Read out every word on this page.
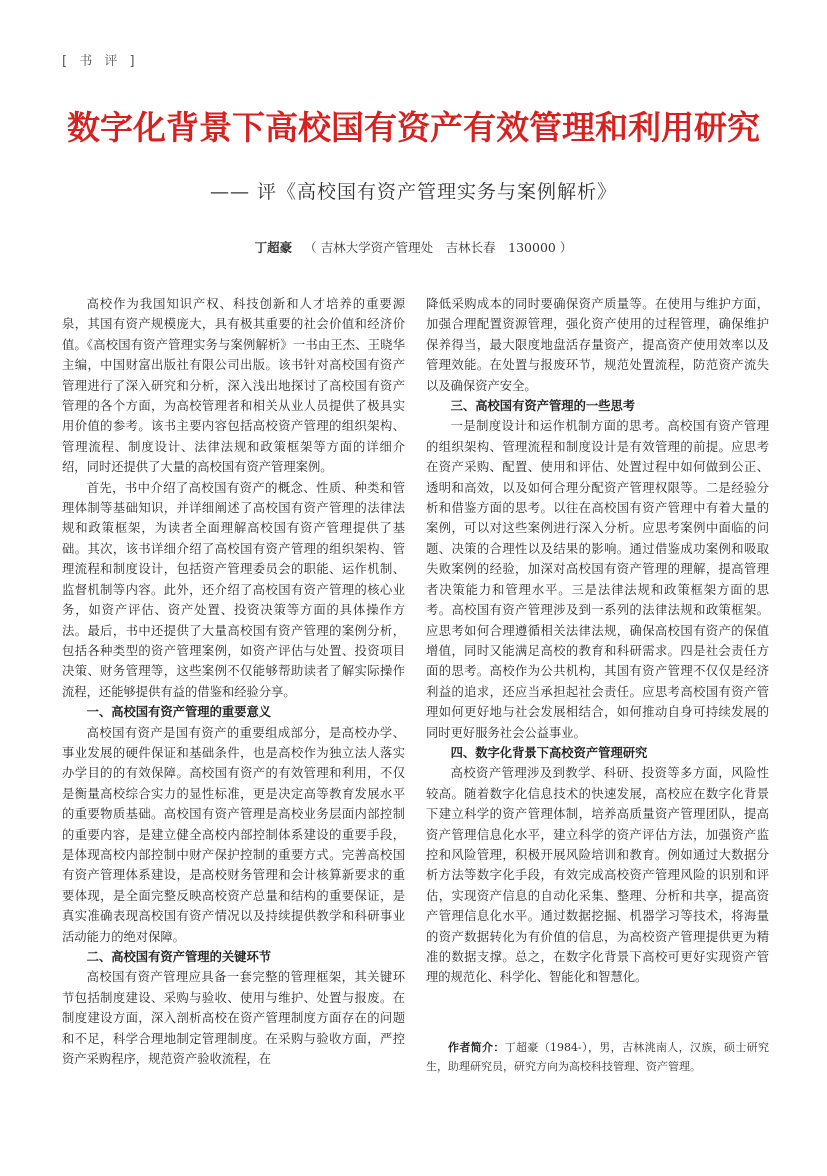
[ 书 评 ]
数字化背景下高校国有资产有效管理和利用研究
—— 评《高校国有资产管理实务与案例解析》
丁超豪 （ 吉林大学资产管理处　吉林长春　130000 ）

高校作为我国知识产权、科技创新和人才培养的重要源泉，其国有资产规模庞大，具有极其重要的社会价值和经济价值。《高校国有资产管理实务与案例解析》一书由王杰、王晓华主编，中国财富出版社有限公司出版。该书针对高校国有资产管理进行了深入研究和分析，深入浅出地探讨了高校国有资产管理的各个方面，为高校管理者和相关从业人员提供了极具实用价值的参考。该书主要内容包括高校资产管理的组织架构、管理流程、制度设计、法律法规和政策框架等方面的详细介绍，同时还提供了大量的高校国有资产管理案例。

首先，书中介绍了高校国有资产的概念、性质、种类和管理体制等基础知识，并详细阐述了高校国有资产管理的法律法规和政策框架，为读者全面理解高校国有资产管理提供了基础。其次，该书详细介绍了高校国有资产管理的组织架构、管理流程和制度设计，包括资产管理委员会的职能、运作机制、监督机制等内容。此外，还介绍了高校国有资产管理的核心业务，如资产评估、资产处置、投资决策等方面的具体操作方法。最后，书中还提供了大量高校国有资产管理的案例分析，包括各种类型的资产管理案例，如资产评估与处置、投资项目决策、财务管理等，这些案例不仅能够帮助读者了解实际操作流程，还能够提供有益的借鉴和经验分享。

一、高校国有资产管理的重要意义

高校国有资产是国有资产的重要组成部分，是高校办学、事业发展的硬件保证和基础条件，也是高校作为独立法人落实办学目的的有效保障。高校国有资产的有效管理和利用，不仅是衡量高校综合实力的显性标准，更是决定高等教育发展水平的重要物质基础。高校国有资产管理是高校业务层面内部控制的重要内容，是建立健全高校内部控制体系建设的重要手段，是体现高校内部控制中财产保护控制的重要方式。完善高校国有资产管理体系建设，是高校财务管理和会计核算新要求的重要体现，是全面完整反映高校资产总量和结构的重要保证，是真实准确表现高校国有资产情况以及持续提供教学和科研事业活动能力的绝对保障。

二、高校国有资产管理的关键环节

高校国有资产管理应具备一套完整的管理框架，其关键环节包括制度建设、采购与验收、使用与维护、处置与报废。在制度建设方面，深入剖析高校在资产管理制度方面存在的问题和不足，科学合理地制定管理制度。在采购与验收方面，严控资产采购程序，规范资产验收流程，在

降低采购成本的同时要确保资产质量等。在使用与维护方面，加强合理配置资源管理，强化资产使用的过程管理，确保维护保养得当，最大限度地盘活存量资产，提高资产使用效率以及管理效能。在处置与报废环节，规范处置流程，防范资产流失以及确保资产安全。

三、高校国有资产管理的一些思考

一是制度设计和运作机制方面的思考。高校国有资产管理的组织架构、管理流程和制度设计是有效管理的前提。应思考在资产采购、配置、使用和评估、处置过程中如何做到公正、透明和高效，以及如何合理分配资产管理权限等。二是经验分析和借鉴方面的思考。以往在高校国有资产管理中有着大量的案例，可以对这些案例进行深入分析。应思考案例中面临的问题、决策的合理性以及结果的影响。通过借鉴成功案例和吸取失败案例的经验，加深对高校国有资产管理的理解，提高管理者决策能力和管理水平。三是法律法规和政策框架方面的思考。高校国有资产管理涉及到一系列的法律法规和政策框架。应思考如何合理遵循相关法律法规，确保高校国有资产的保值增值，同时又能满足高校的教育和科研需求。四是社会责任方面的思考。高校作为公共机构，其国有资产管理不仅仅是经济利益的追求，还应当承担起社会责任。应思考高校国有资产管理如何更好地与社会发展相结合，如何推动自身可持续发展的同时更好服务社会公益事业。

四、数字化背景下高校资产管理研究

高校资产管理涉及到教学、科研、投资等多方面，风险性较高。随着数字化信息技术的快速发展，高校应在数字化背景下建立科学的资产管理体制，培养高质量资产管理团队，提高资产管理信息化水平，建立科学的资产评估方法，加强资产监控和风险管理，积极开展风险培训和教育。例如通过大数据分析方法等数字化手段，有效完成高校资产管理风险的识别和评估，实现资产信息的自动化采集、整理、分析和共享，提高资产管理信息化水平。通过数据挖掘、机器学习等技术，将海量的资产数据转化为有价值的信息，为高校资产管理提供更为精准的数据支撑。总之，在数字化背景下高校可更好实现资产管理的规范化、科学化、智能化和智慧化。

作者简介：丁超豪（1984-），男，吉林洮南人，汉族，硕士研究生，助理研究员，研究方向为高校科技管理、资产管理。
